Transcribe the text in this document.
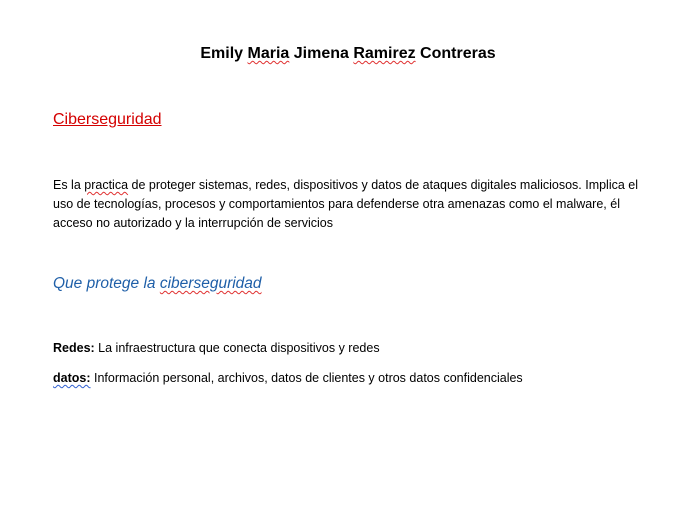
Emily Maria Jimena Ramirez Contreras
Ciberseguridad
Es la practica de proteger sistemas, redes, dispositivos y datos de ataques digitales maliciosos. Implica el uso de tecnologías, procesos y comportamientos para defenderse otra amenazas como el malware, él acceso no autorizado y la interrupción de servicios
Que protege la ciberseguridad
Redes: La infraestructura que conecta dispositivos y redes
datos: Información personal, archivos, datos de clientes y otros datos confidenciales
